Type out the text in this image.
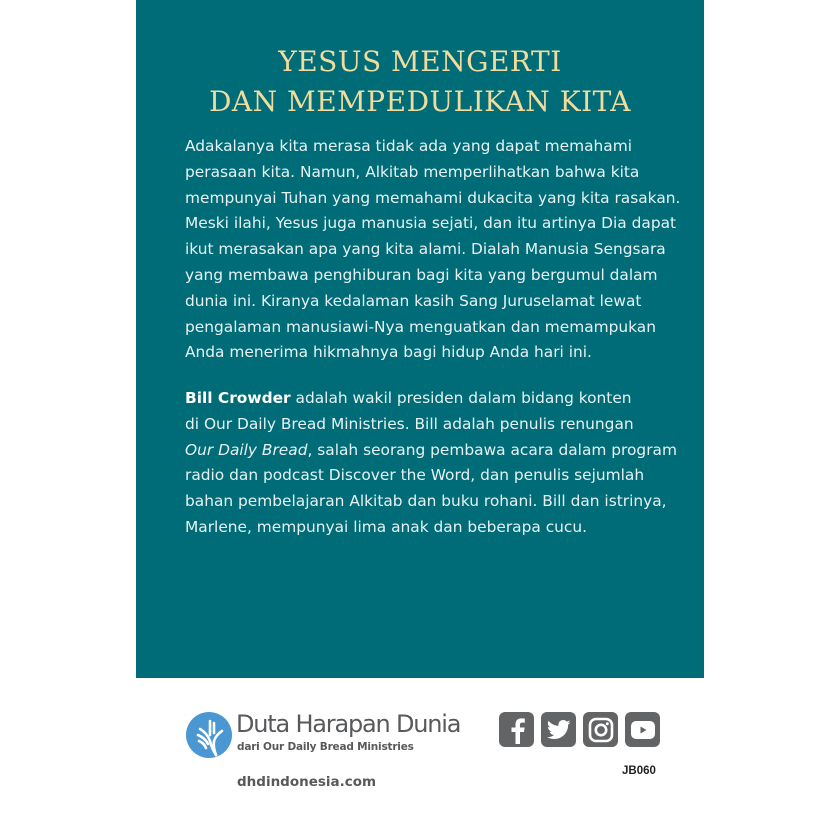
YESUS MENGERTI
DAN MEMPEDULIKAN KITA
Adakalanya kita merasa tidak ada yang dapat memahami
perasaan kita. Namun, Alkitab memperlihatkan bahwa kita
mempunyai Tuhan yang memahami dukacita yang kita rasakan.
Meski ilahi, Yesus juga manusia sejati, dan itu artinya Dia dapat
ikut merasakan apa yang kita alami. Dialah Manusia Sengsara
yang membawa penghiburan bagi kita yang bergumul dalam
dunia ini. Kiranya kedalaman kasih Sang Juruselamat lewat
pengalaman manusiawi-Nya menguatkan dan memampukan
Anda menerima hikmahnya bagi hidup Anda hari ini.
Bill Crowder adalah wakil presiden dalam bidang konten
di Our Daily Bread Ministries. Bill adalah penulis renungan
Our Daily Bread, salah seorang pembawa acara dalam program
radio dan podcast Discover the Word, dan penulis sejumlah
bahan pembelajaran Alkitab dan buku rohani. Bill dan istrinya,
Marlene, mempunyai lima anak dan beberapa cucu.
Duta Harapan Dunia
dari Our Daily Bread Ministries
dhdindonesia.com
JB060
